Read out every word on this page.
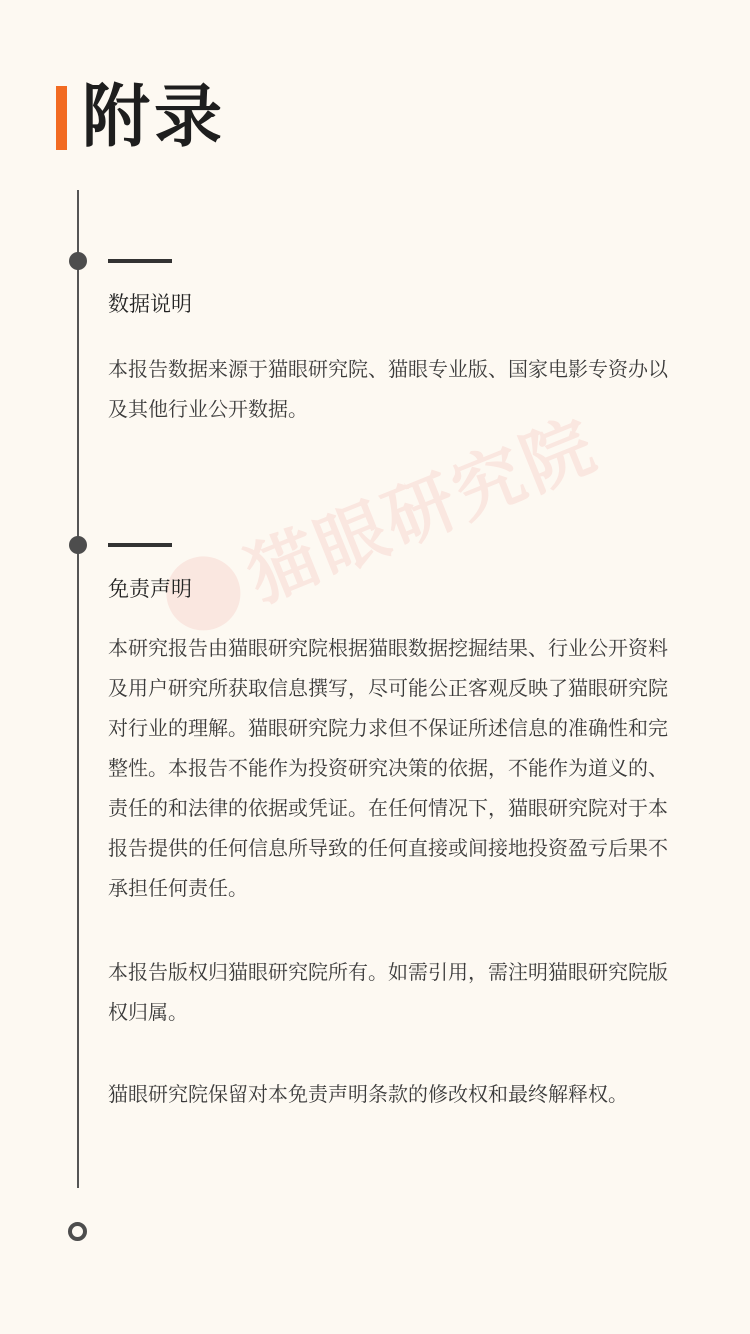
猫眼研究院
附录
数据说明

本报告数据来源于猫眼研究院、猫眼专业版、国家电影专资办以及其他行业公开数据。

免责声明

本研究报告由猫眼研究院根据猫眼数据挖掘结果、行业公开资料及用户研究所获取信息撰写，尽可能公正客观反映了猫眼研究院对行业的理解。猫眼研究院力求但不保证所述信息的准确性和完整性。本报告不能作为投资研究决策的依据，不能作为道义的、责任的和法律的依据或凭证。在任何情况下，猫眼研究院对于本报告提供的任何信息所导致的任何直接或间接地投资盈亏后果不承担任何责任。

本报告版权归猫眼研究院所有。如需引用，需注明猫眼研究院版权归属。

猫眼研究院保留对本免责声明条款的修改权和最终解释权。
